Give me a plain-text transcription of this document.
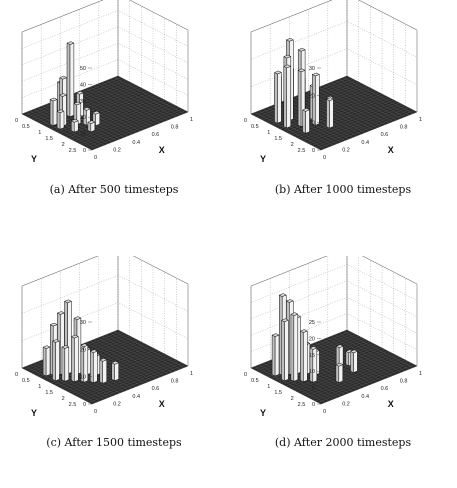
0
10
20
30
40
50
0
0.2
0.4
0.6
0.8
1
0
0.5
1
1.5
2
2.5	X
Y
(a) After 500 timesteps
0
10
20
30
0
0.2
0.4
0.6
0.8
1
0
0.5
1
1.5
2
2.5	X
Y
(b) After 1000 timesteps
0
10
20
30
0
0.2
0.4
0.6
0.8
1
0
0.5
1
1.5
2
2.5	X
Y
(c) After 1500 timesteps
0
5
10
15
20
25
0
0.2
0.4
0.6
0.8
1
0
0.5
1
1.5
2
2.5	X
Y
(d) After 2000 timesteps
